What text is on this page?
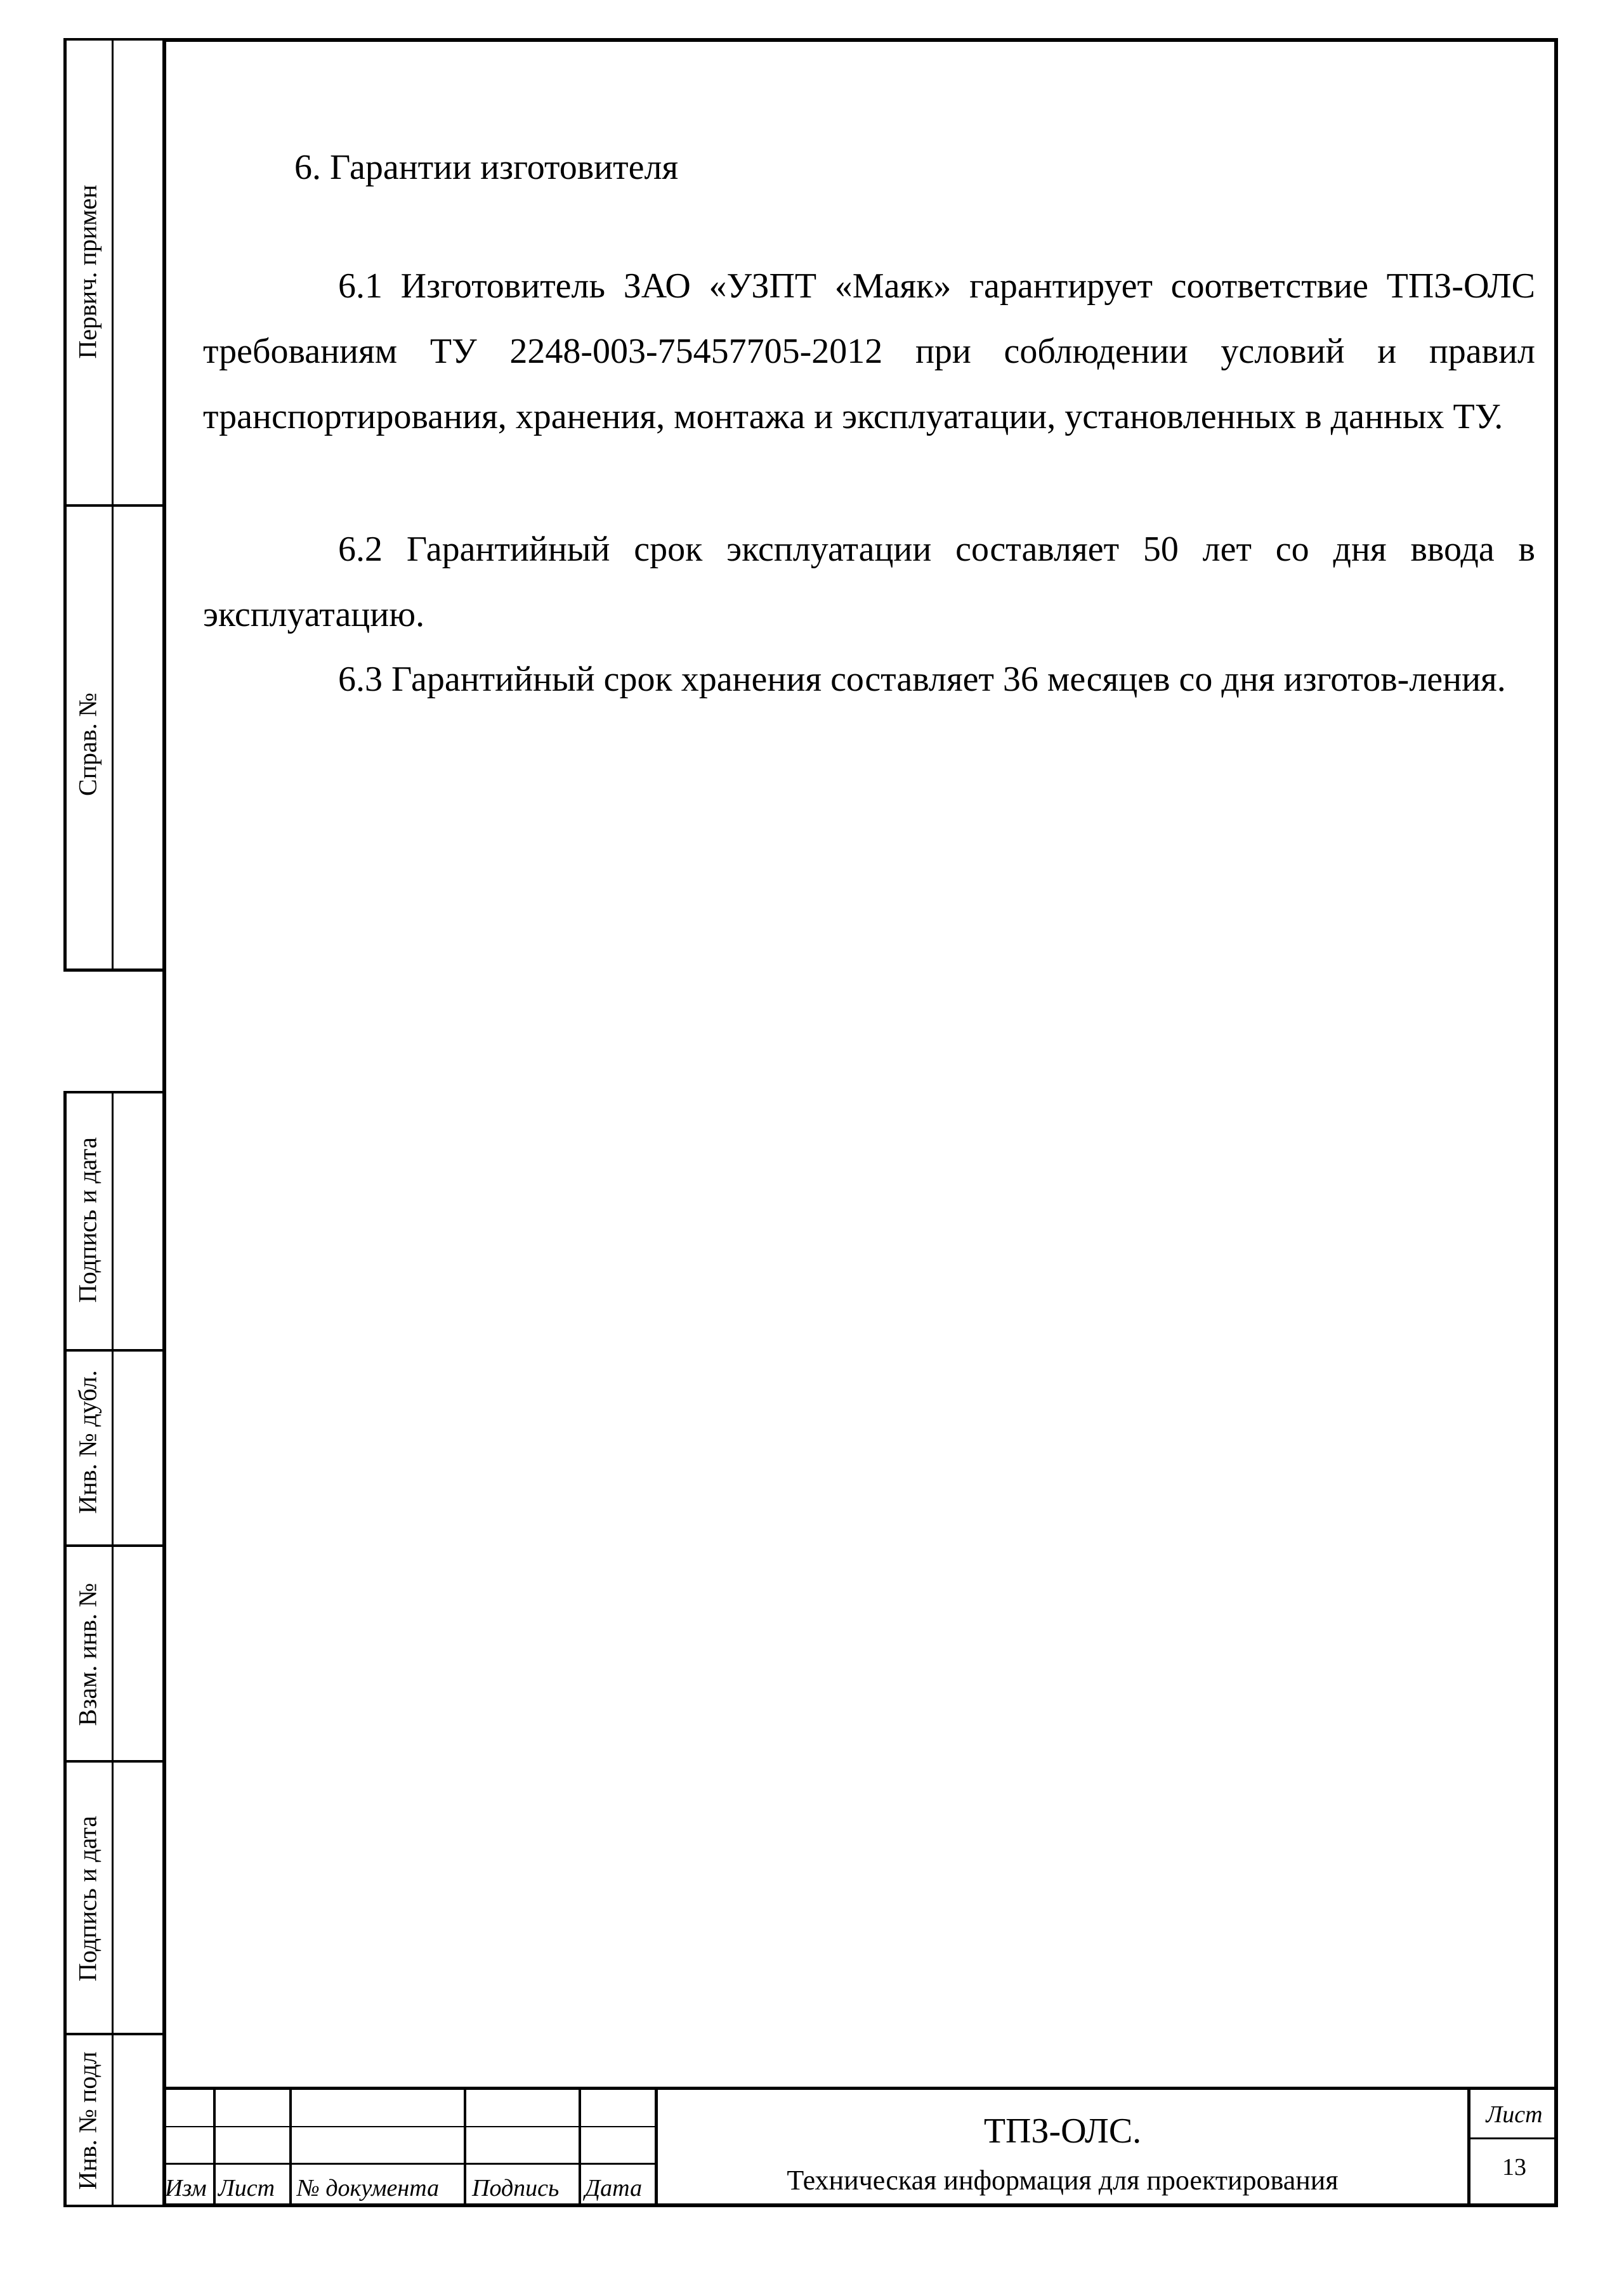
Первич. примен
Справ. №
Подпись и дата
Инв. № дубл.
Взам. инв. №
Подпись и дата
Инв. № подл
6. Гарантии изготовителя
6.1 Изготовитель ЗАО «УЗПТ «Маяк» гарантирует соответствие ТПЗ-ОЛС требованиям ТУ 2248-003-75457705-2012 при соблюдении условий и правил транспортирования, хранения, монтажа и эксплуатации, установленных в данных ТУ.
6.2 Гарантийный срок эксплуатации составляет 50 лет со дня ввода в эксплуатацию.
6.3 Гарантийный срок хранения составляет 36 месяцев со дня изготов-ления.
Изм Лист № документа Подпись Дата
ТПЗ-ОЛС.
Техническая информация для проектирования
Лист
13
